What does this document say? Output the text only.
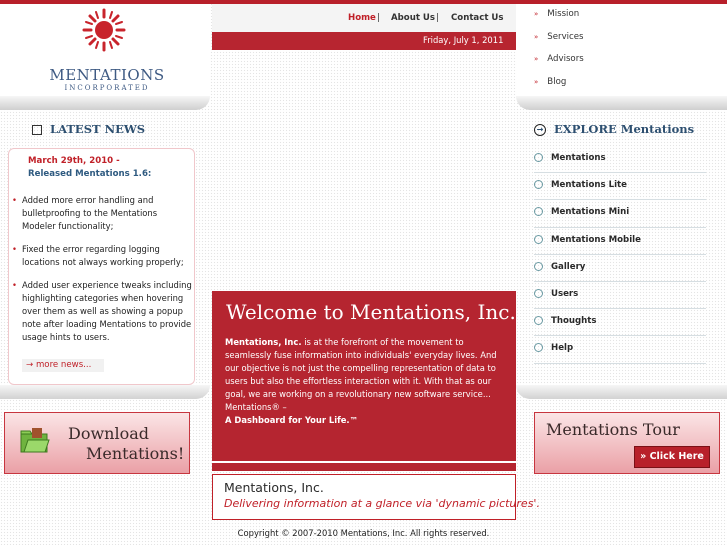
MENTATIONS
INCORPORATED
LATEST NEWS
March 29th, 2010 -
Released Mentations 1.6:
• Added more error handling and bulletproofing to the Mentations Modeler functionality;
• Fixed the error regarding logging locations not always working properly;
• Added user experience tweaks including highlighting categories when hovering over them as well as showing a popup note after loading Mentations to provide usage hints to users.
→ more news...
Download
Mentations!
Home | About Us | Contact Us
Friday, July 1, 2011
Welcome to Mentations, Inc.
Mentations, Inc. is at the forefront of the movement to seamlessly fuse information into individuals' everyday lives. And our objective is not just the compelling representation of data to users but also the effortless interaction with it. With that as our goal, we are working on a revolutionary new software service... Mentations® –
A Dashboard for Your Life.™
Mentations, Inc.
Delivering information at a glance via 'dynamic pictures'.
» Mission
» Services
» Advisors
» Blog
→ EXPLORE Mentations
Mentations
Mentations Lite
Mentations Mini
Mentations Mobile
Gallery
Users
Thoughts
Help
Mentations Tour
» Click Here
Copyright © 2007-2010 Mentations, Inc. All rights reserved.
